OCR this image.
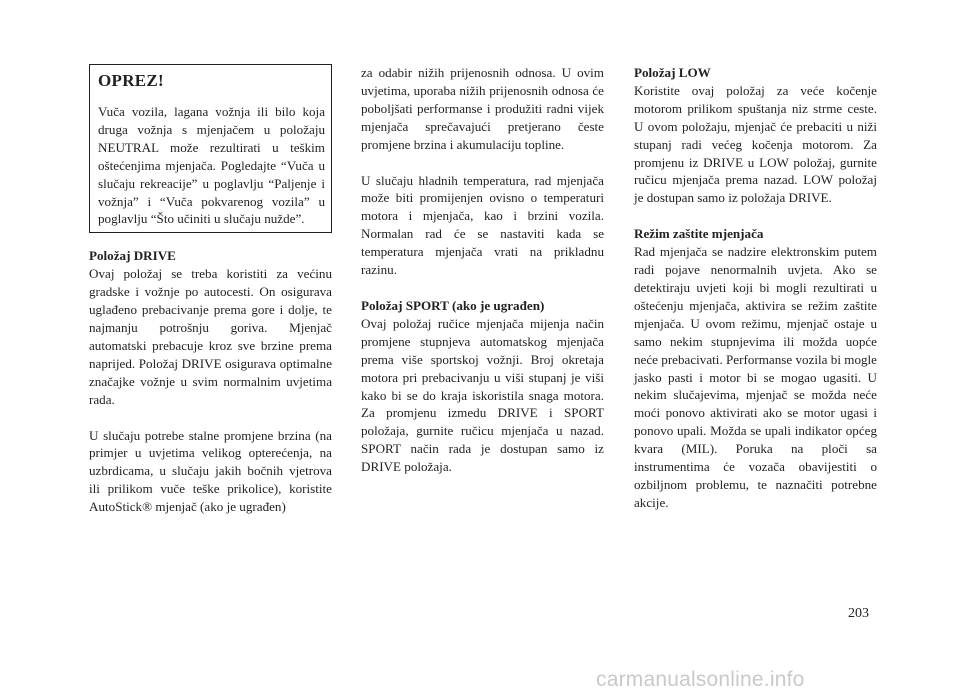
OPREZ!

Vuča vozila, lagana vožnja ili bilo koja druga vožnja s mjenjačem u položaju NEUTRAL može rezultirati u teškim oštećenjima mjenjača. Pogledajte “Vuča u slučaju rekreacije” u poglavlju “Paljenje i vožnja” i “Vuča pokvarenog vozila” u poglavlju “Što učiniti u slučaju nužde”.

Položaj DRIVE
Ovaj položaj se treba koristiti za većinu gradske i vožnje po autocesti. On osigurava uglađeno prebacivanje prema gore i dolje, te najmanju potrošnju goriva. Mjenjač automatski prebacuje kroz sve brzine prema naprijed. Položaj DRIVE osigurava optimalne značajke vožnje u svim normalnim uvjetima rada.

U slučaju potrebe stalne promjene brzina (na primjer u uvjetima velikog opterećenja, na uzbrdicama, u slučaju jakih bočnih vjetrova ili prilikom vuče teške prikolice), koristite AutoStick® mjenjač (ako je ugrađen)

za odabir nižih prijenosnih odnosa. U ovim uvjetima, uporaba nižih prijenosnih odnosa će poboljšati performanse i produžiti radni vijek mjenjača sprečavajući pretjerano česte promjene brzina i akumulaciju topline.

U slučaju hladnih temperatura, rad mjenjača može biti promijenjen ovisno o temperaturi motora i mjenjača, kao i brzini vozila. Normalan rad će se nastaviti kada se temperatura mjenjača vrati na prikladnu razinu.

Položaj SPORT (ako je ugrađen)
Ovaj položaj ručice mjenjača mijenja način promjene stupnjeva automatskog mjenjača prema više sportskoj vožnji. Broj okretaja motora pri prebacivanju u viši stupanj je viši kako bi se do kraja iskoristila snaga motora. Za promjenu izmedu DRIVE i SPORT položaja, gurnite ručicu mjenjača u nazad. SPORT način rada je dostupan samo iz DRIVE položaja.

Položaj LOW
Koristite ovaj položaj za veće kočenje motorom prilikom spuštanja niz strme ceste. U ovom položaju, mjenjač će prebaciti u niži stupanj radi većeg kočenja motorom. Za promjenu iz DRIVE u LOW položaj, gurnite ručicu mjenjača prema nazad. LOW položaj je dostupan samo iz položaja DRIVE.

Režim zaštite mjenjača
Rad mjenjača se nadzire elektronskim putem radi pojave nenormalnih uvjeta. Ako se detektiraju uvjeti koji bi mogli rezultirati u oštećenju mjenjača, aktivira se režim zaštite mjenjača. U ovom režimu, mjenjač ostaje u samo nekim stupnjevima ili možda uopće neće prebacivati. Performanse vozila bi mogle jasko pasti i motor bi se mogao ugasiti. U nekim slučajevima, mjenjač se možda neće moći ponovo aktivirati ako se motor ugasi i ponovo upali. Možda se upali indikator općeg kvara (MIL). Poruka na ploči sa instrumentima će vozača obavijestiti o ozbiljnom problemu, te naznačiti potrebne akcije.

203
carmanualsonline.info
